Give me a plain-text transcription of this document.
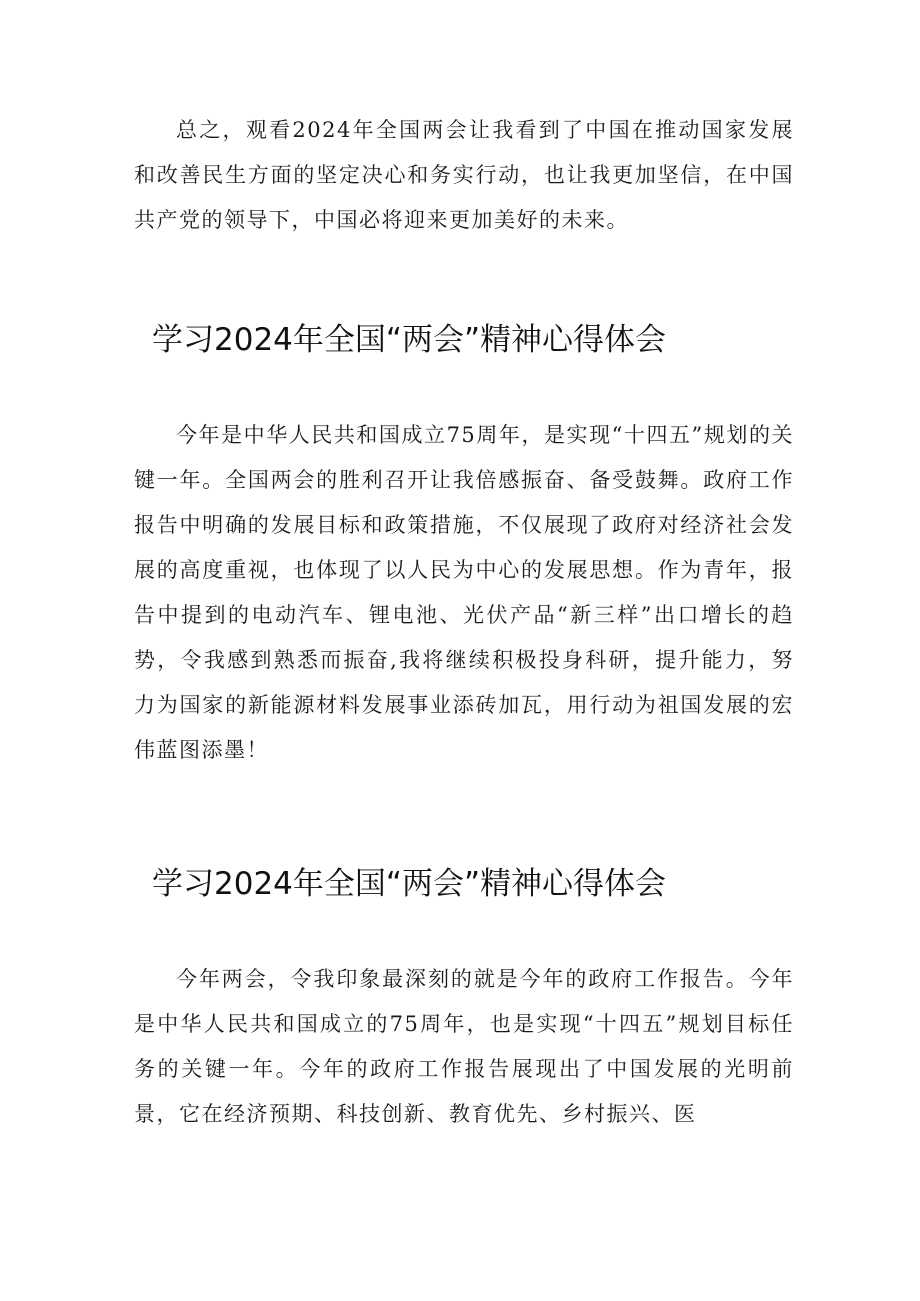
总之，观看2024年全国两会让我看到了中国在推动国家发展和改善民生方面的坚定决心和务实行动，也让我更加坚信，在中国共产党的领导下，中国必将迎来更加美好的未来。

学习2024年全国“两会”精神心得体会

今年是中华人民共和国成立75周年，是实现“十四五”规划的关键一年。全国两会的胜利召开让我倍感振奋、备受鼓舞。政府工作报告中明确的发展目标和政策措施，不仅展现了政府对经济社会发展的高度重视，也体现了以人民为中心的发展思想。作为青年，报告中提到的电动汽车、锂电池、光伏产品“新三样”出口增长的趋势，令我感到熟悉而振奋,我将继续积极投身科研，提升能力，努力为国家的新能源材料发展事业添砖加瓦，用行动为祖国发展的宏伟蓝图添墨！

学习2024年全国“两会”精神心得体会

今年两会，令我印象最深刻的就是今年的政府工作报告。今年是中华人民共和国成立的75周年，也是实现“十四五”规划目标任务的关键一年。今年的政府工作报告展现出了中国发展的光明前景，它在经济预期、科技创新、教育优先、乡村振兴、医
